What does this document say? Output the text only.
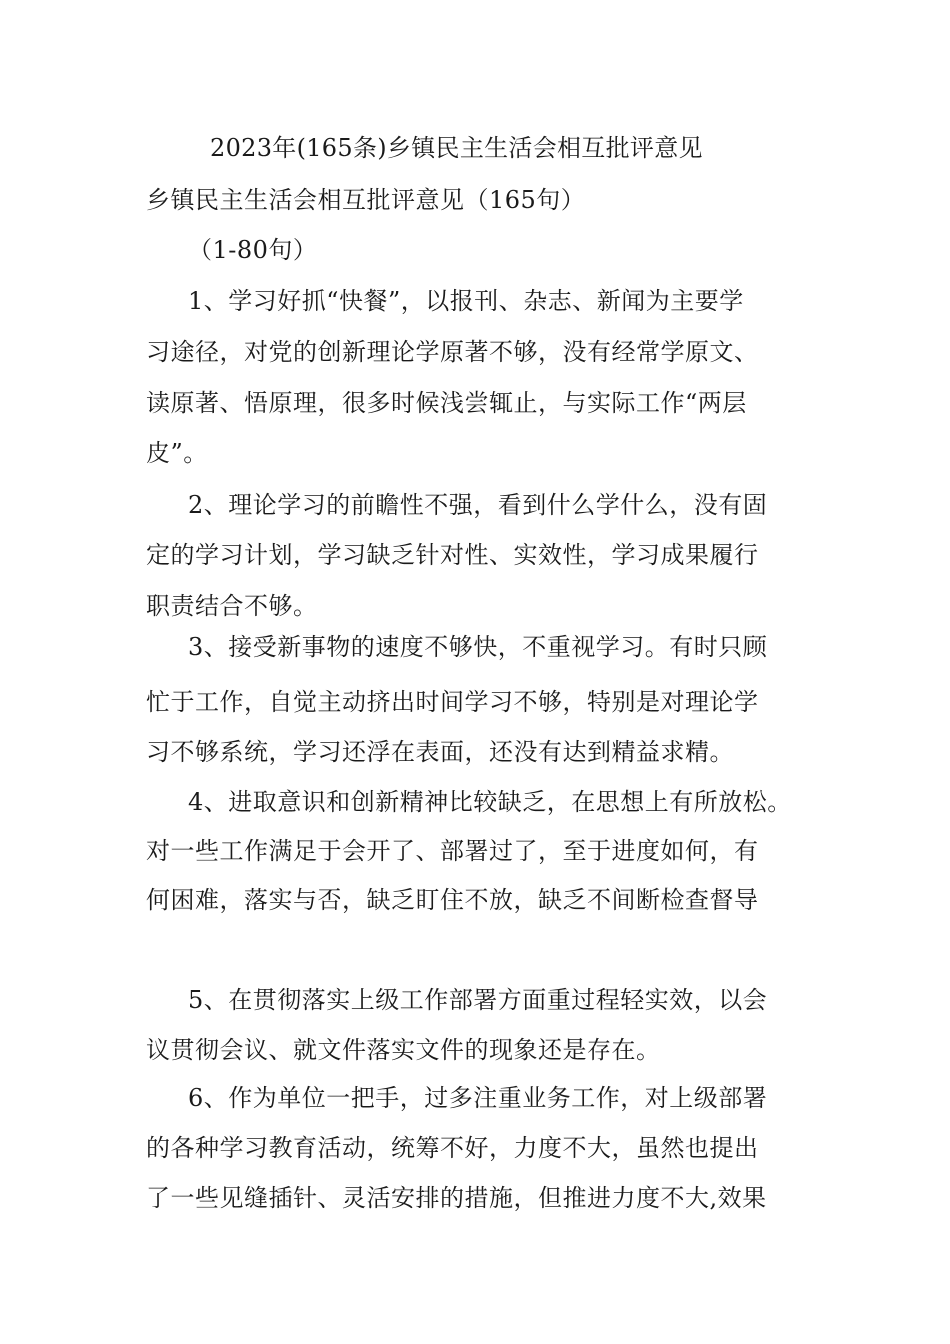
2023年(165条)乡镇民主生活会相互批评意见
乡镇民主生活会相互批评意见（165句）
（1-80句）
1、学习好抓“快餐”，以报刊、杂志、新闻为主要学
习途径，对党的创新理论学原著不够，没有经常学原文、
读原著、悟原理，很多时候浅尝辄止，与实际工作“两层
皮”。
2、理论学习的前瞻性不强，看到什么学什么，没有固
定的学习计划，学习缺乏针对性、实效性，学习成果履行
职责结合不够。
3、接受新事物的速度不够快，不重视学习。有时只顾
忙于工作，自觉主动挤出时间学习不够，特别是对理论学
习不够系统，学习还浮在表面，还没有达到精益求精。
4、进取意识和创新精神比较缺乏，在思想上有所放松。
对一些工作满足于会开了、部署过了，至于进度如何，有
何困难，落实与否，缺乏盯住不放，缺乏不间断检查督导
5、在贯彻落实上级工作部署方面重过程轻实效，以会
议贯彻会议、就文件落实文件的现象还是存在。
6、作为单位一把手，过多注重业务工作，对上级部署
的各种学习教育活动，统筹不好，力度不大，虽然也提出
了一些见缝插针、灵活安排的措施，但推进力度不大,效果
